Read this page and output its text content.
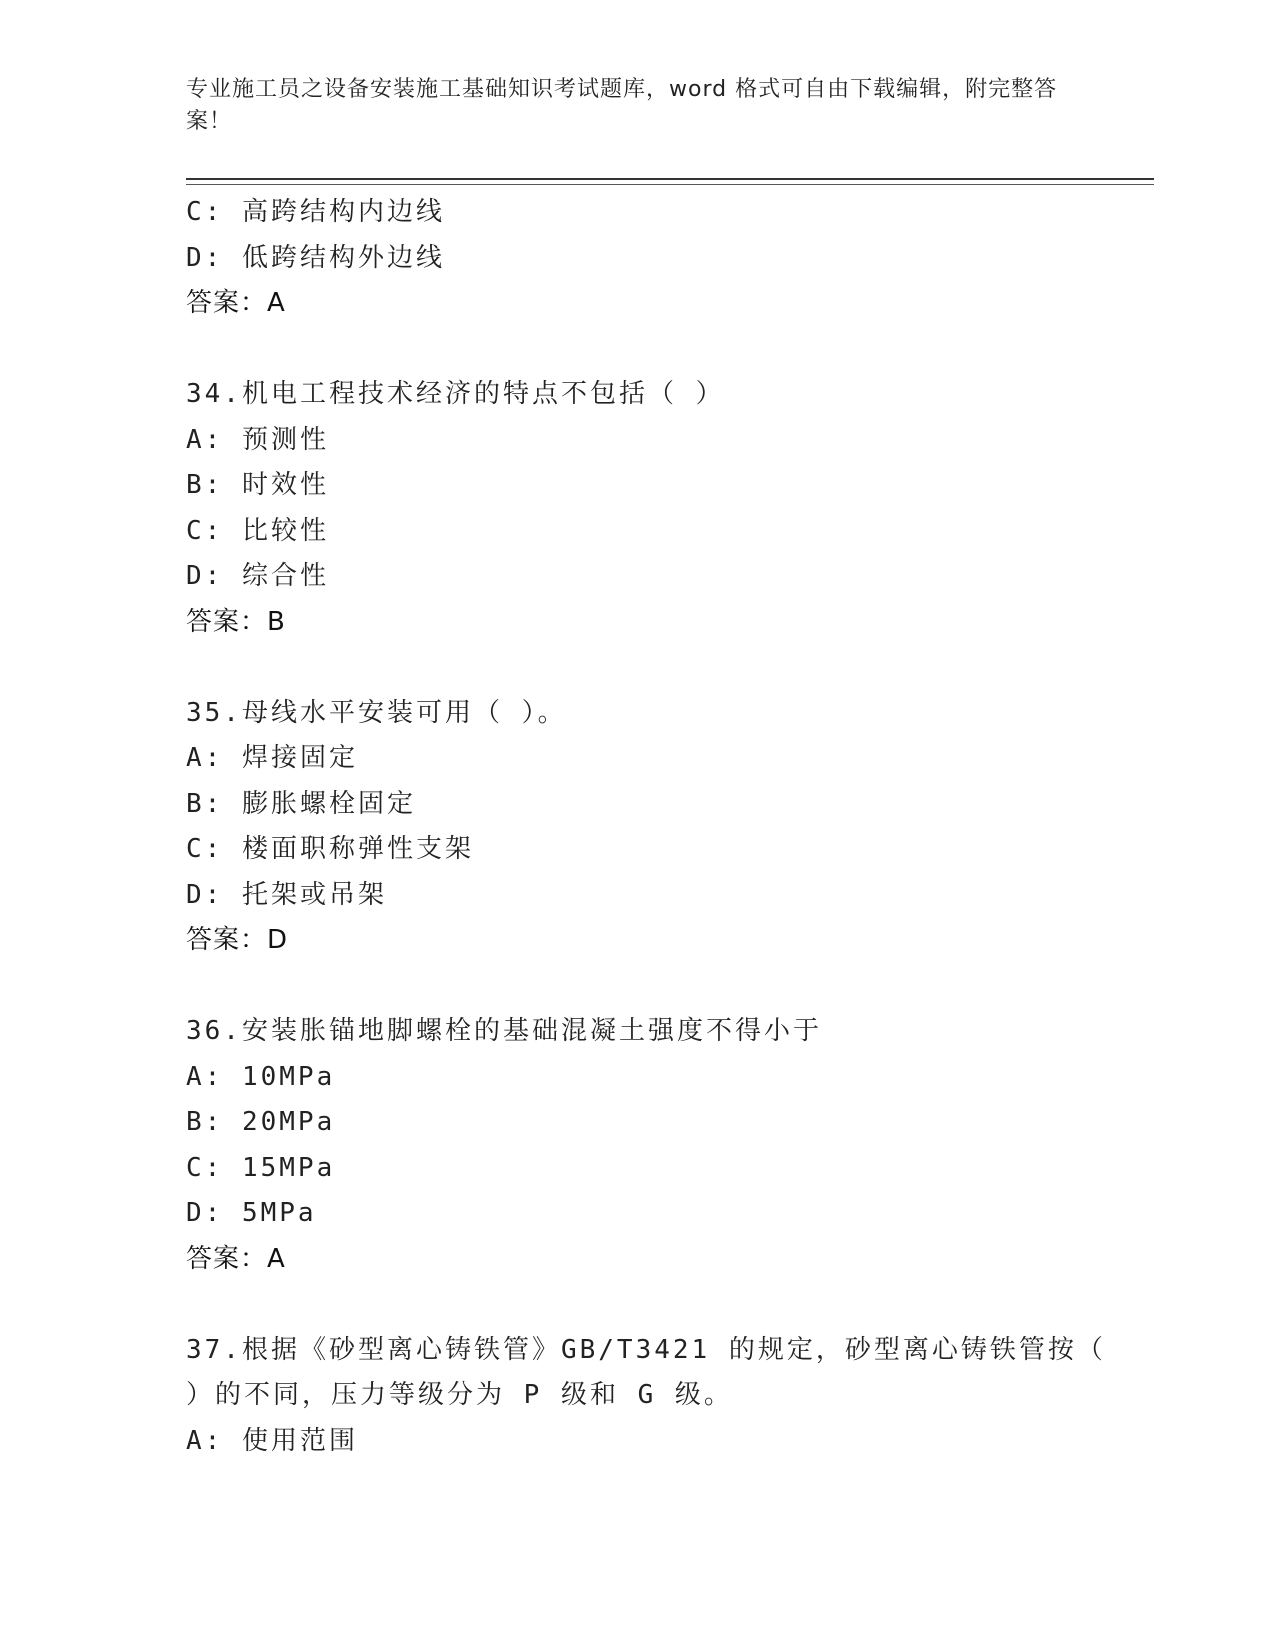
专业施工员之设备安装施工基础知识考试题库，word 格式可自由下载编辑，附完整答案！
C: 高跨结构内边线
D: 低跨结构外边线
答案：A
34.机电工程技术经济的特点不包括（ ）
A: 预测性
B: 时效性
C: 比较性
D: 综合性
答案：B
35.母线水平安装可用（ ）。
A: 焊接固定
B: 膨胀螺栓固定
C: 楼面职称弹性支架
D: 托架或吊架
答案：D
36.安装胀锚地脚螺栓的基础混凝土强度不得小于
A: 10MPa
B: 20MPa
C: 15MPa
D: 5MPa
答案：A
37.根据《砂型离心铸铁管》GB/T3421 的规定，砂型离心铸铁管按（
）的不同，压力等级分为 P 级和 G 级。
A: 使用范围
